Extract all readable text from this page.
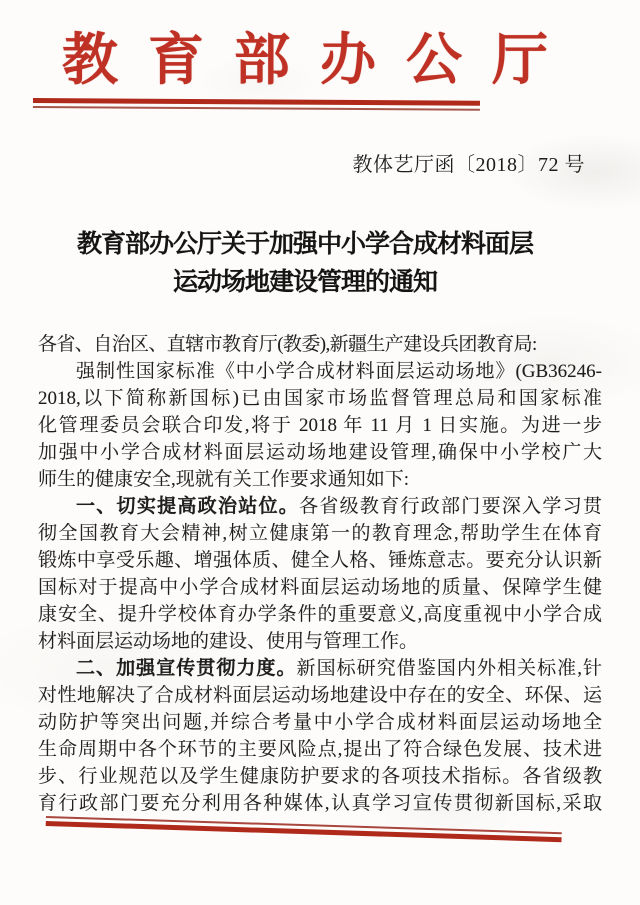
教育部办公厅
教体艺厅函〔2018〕72 号
教育部办公厅关于加强中小学合成材料面层
运动场地建设管理的通知
各省、自治区、直辖市教育厅(教委),新疆生产建设兵团教育局:
强制性国家标准《中小学合成材料面层运动场地》(GB36246-
2018,以下简称新国标)已由国家市场监督管理总局和国家标准
化管理委员会联合印发,将于 2018 年 11 月 1 日实施。为进一步
加强中小学合成材料面层运动场地建设管理,确保中小学校广大
师生的健康安全,现就有关工作要求通知如下:
一、切实提高政治站位。各省级教育行政部门要深入学习贯
彻全国教育大会精神,树立健康第一的教育理念,帮助学生在体育
锻炼中享受乐趣、增强体质、健全人格、锤炼意志。要充分认识新
国标对于提高中小学合成材料面层运动场地的质量、保障学生健
康安全、提升学校体育办学条件的重要意义,高度重视中小学合成
材料面层运动场地的建设、使用与管理工作。
二、加强宣传贯彻力度。新国标研究借鉴国内外相关标准,针
对性地解决了合成材料面层运动场地建设中存在的安全、环保、运
动防护等突出问题,并综合考量中小学合成材料面层运动场地全
生命周期中各个环节的主要风险点,提出了符合绿色发展、技术进
步、行业规范以及学生健康防护要求的各项技术指标。各省级教
育行政部门要充分利用各种媒体,认真学习宣传贯彻新国标,采取
